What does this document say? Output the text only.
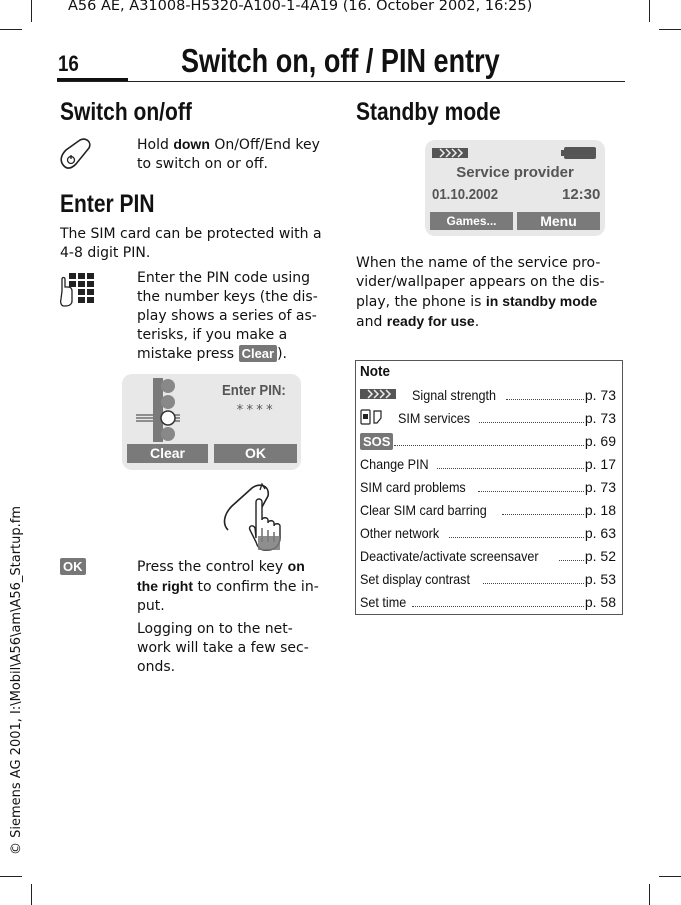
A56 AE, A31008-H5320-A100-1-4A19 (16. October 2002, 16:25)
16	Switch on, off / PIN entry
© Siemens AG 2001, I:\Mobil\A56\am\A56_Startup.fm
Switch on/off
Hold down On/Off/End key
to switch on or off.
Enter PIN
The SIM card can be protected with a
4-8 digit PIN.
Enter the PIN code using
the number keys (the dis-
play shows a series of as-
terisks, if you make a
mistake press Clear ).
Enter PIN:
****
Clear	OK
OK	Press the control key on
the right to confirm the in-
put.
Logging on to the net-
work will take a few sec-
onds.
Standby mode
Service provider
01.10.2002	12:30
Games...	Menu
When the name of the service pro-
vider/wallpaper appears on the dis-
play, the phone is in standby mode
and ready for use.
Note
Signal strength	p. 73
SIM services	p. 73
SOS	p. 69
Change PIN	p. 17
SIM card problems	p. 73
Clear SIM card barring	p. 18
Other network	p. 63
Deactivate/activate screensaver	p. 52
Set display contrast	p. 53
Set time	p. 58
